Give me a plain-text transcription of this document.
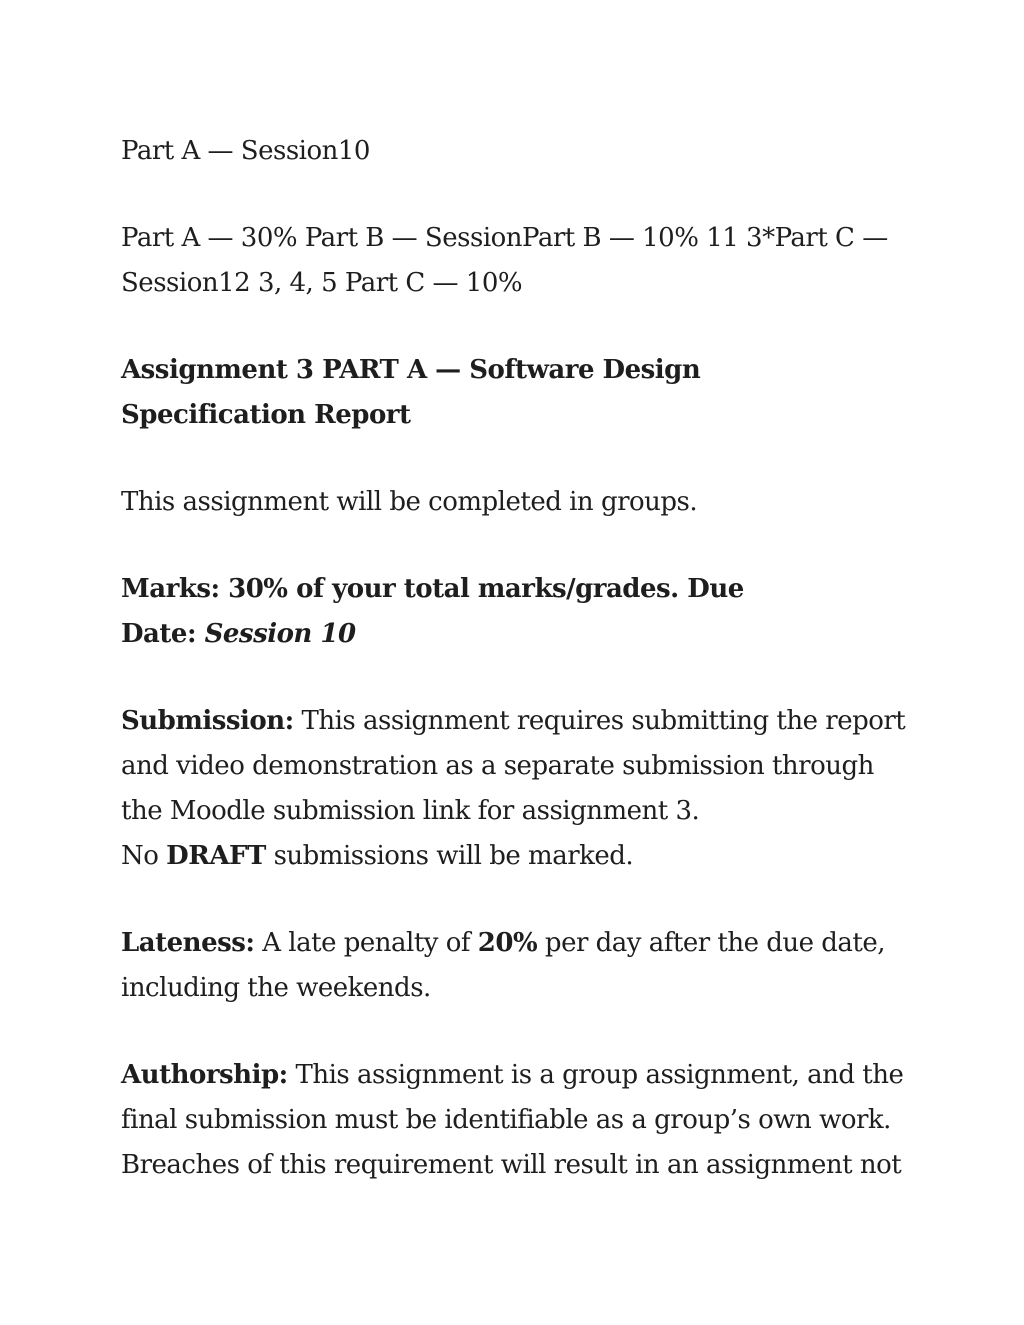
Part A — Session10

Part A — 30% Part B — SessionPart B — 10% 11 3*Part C — Session12 3, 4, 5 Part C — 10%

Assignment 3 PART A — Software Design Specification Report

This assignment will be completed in groups.

Marks: 30% of your total marks/grades. Due Date: Session 10

Submission: This assignment requires submitting the report and video demonstration as a separate submission through the Moodle submission link for assignment 3.
No DRAFT submissions will be marked.

Lateness: A late penalty of 20% per day after the due date, including the weekends.

Authorship: This assignment is a group assignment, and the final submission must be identifiable as a group’s own work. Breaches of this requirement will result in an assignment not
